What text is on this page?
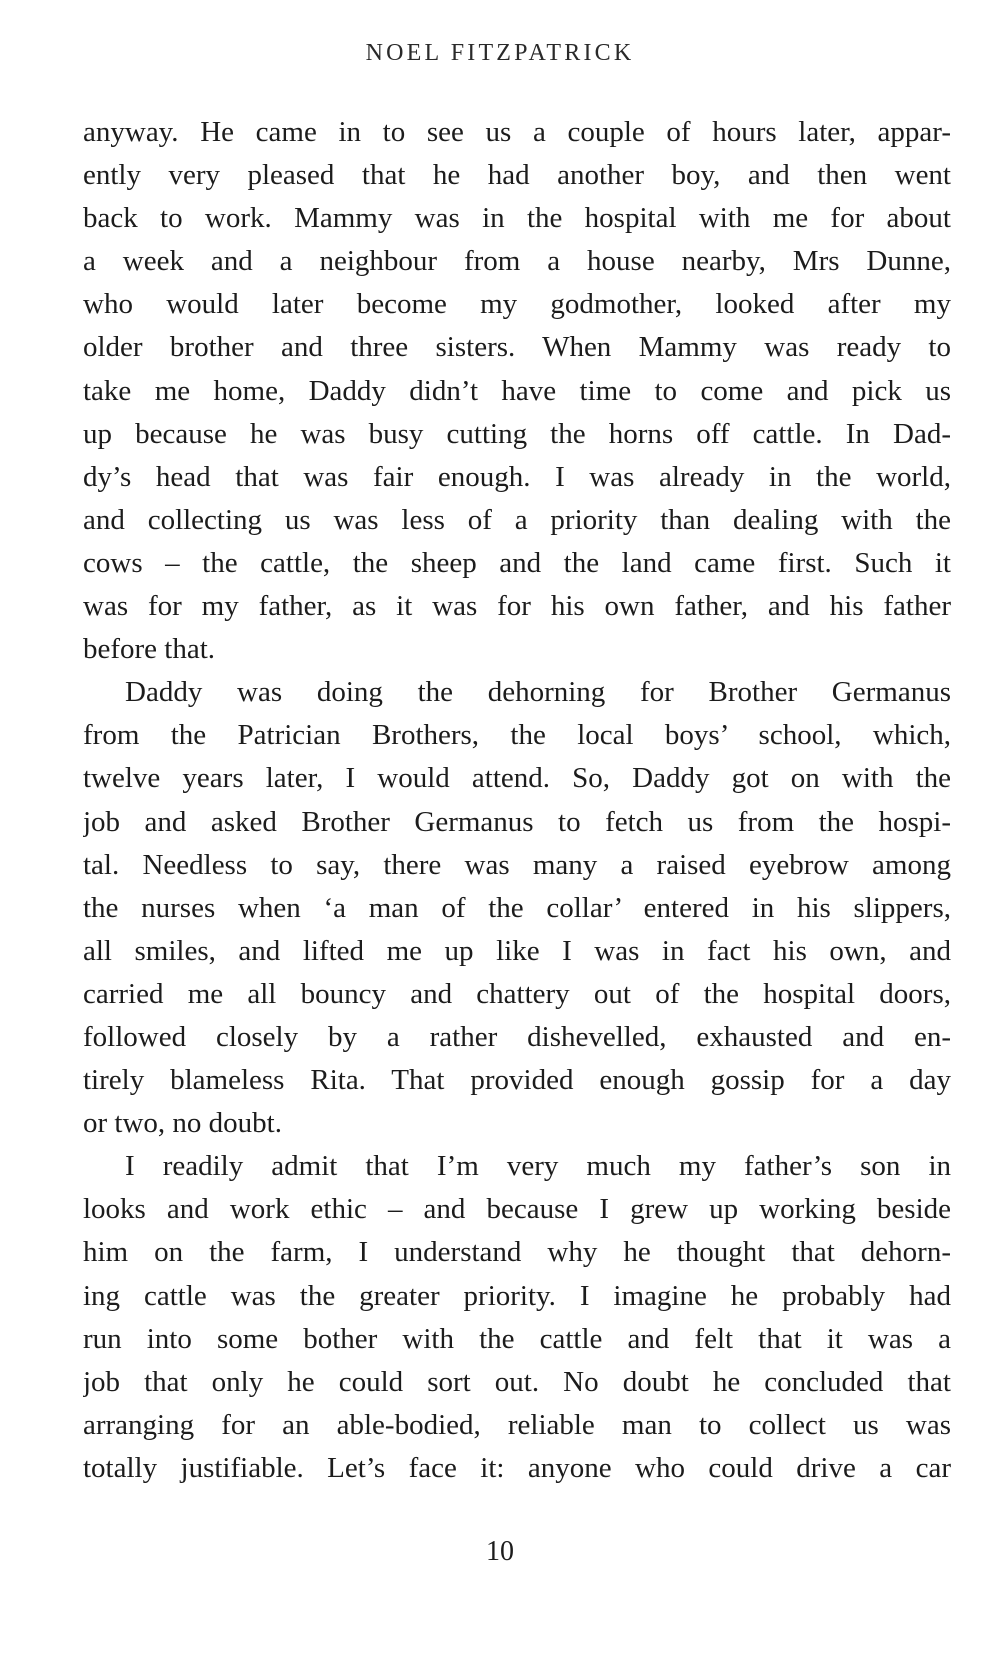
NOEL FITZPATRICK

anyway. He came in to see us a couple of hours later, appar-
ently very pleased that he had another boy, and then went
back to work. Mammy was in the hospital with me for about
a week and a neighbour from a house nearby, Mrs Dunne,
who would later become my godmother, looked after my
older brother and three sisters. When Mammy was ready to
take me home, Daddy didn’t have time to come and pick us
up because he was busy cutting the horns off cattle. In Dad-
dy’s head that was fair enough. I was already in the world,
and collecting us was less of a priority than dealing with the
cows – the cattle, the sheep and the land came first. Such it
was for my father, as it was for his own father, and his father
before that.
Daddy was doing the dehorning for Brother Germanus
from the Patrician Brothers, the local boys’ school, which,
twelve years later, I would attend. So, Daddy got on with the
job and asked Brother Germanus to fetch us from the hospi-
tal. Needless to say, there was many a raised eyebrow among
the nurses when ‘a man of the collar’ entered in his slippers,
all smiles, and lifted me up like I was in fact his own, and
carried me all bouncy and chattery out of the hospital doors,
followed closely by a rather dishevelled, exhausted and en-
tirely blameless Rita. That provided enough gossip for a day
or two, no doubt.
I readily admit that I’m very much my father’s son in
looks and work ethic – and because I grew up working beside
him on the farm, I understand why he thought that dehorn-
ing cattle was the greater priority. I imagine he probably had
run into some bother with the cattle and felt that it was a
job that only he could sort out. No doubt he concluded that
arranging for an able-bodied, reliable man to collect us was
totally justifiable. Let’s face it: anyone who could drive a car
10
